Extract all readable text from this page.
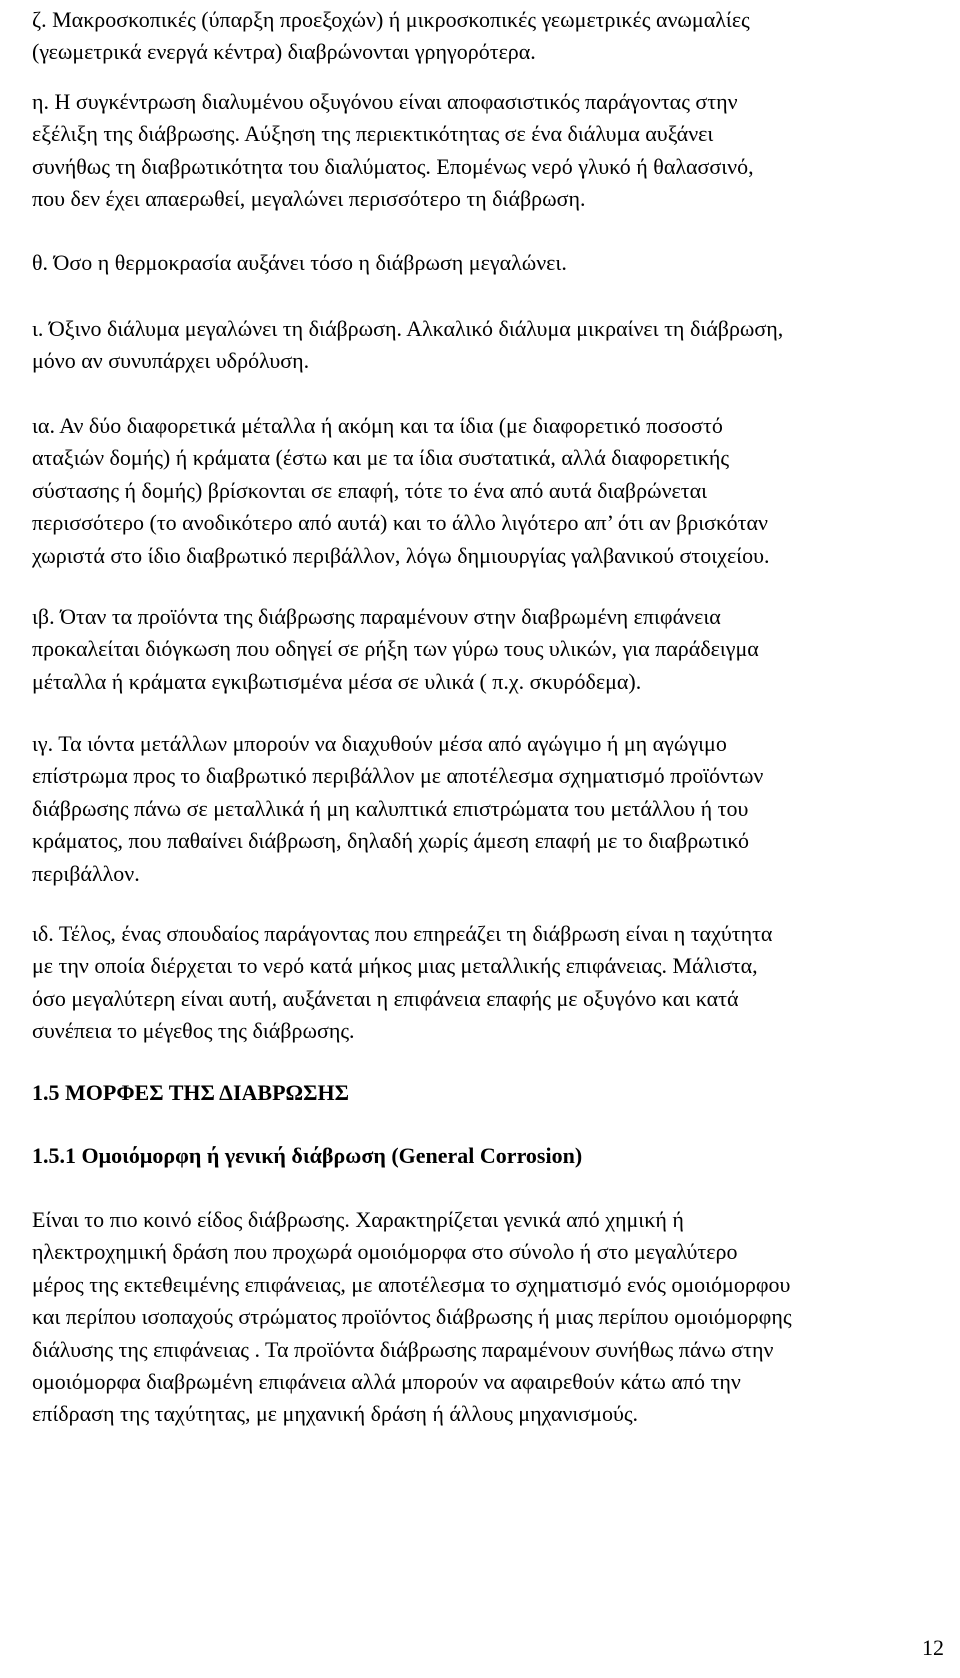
ζ. Μακροσκοπικές (ύπαρξη προεξοχών) ή μικροσκοπικές γεωμετρικές ανωμαλίες
(γεωμετρικά ενεργά κέντρα) διαβρώνονται γρηγορότερα.
η. Η συγκέντρωση διαλυμένου οξυγόνου είναι αποφασιστικός παράγοντας στην
εξέλιξη της διάβρωσης. Αύξηση της περιεκτικότητας σε ένα διάλυμα αυξάνει
συνήθως τη διαβρωτικότητα του διαλύματος. Επομένως νερό γλυκό ή θαλασσινό,
που δεν έχει απαερωθεί, μεγαλώνει περισσότερο τη διάβρωση.
θ. Όσο η θερμοκρασία αυξάνει τόσο η διάβρωση μεγαλώνει.
ι. Όξινο διάλυμα μεγαλώνει τη διάβρωση. Αλκαλικό διάλυμα μικραίνει τη διάβρωση,
μόνο αν συνυπάρχει υδρόλυση.
ια. Αν δύο διαφορετικά μέταλλα ή ακόμη και τα ίδια (με διαφορετικό ποσοστό
αταξιών δομής) ή κράματα (έστω και με τα ίδια συστατικά, αλλά διαφορετικής
σύστασης ή δομής) βρίσκονται σε επαφή, τότε το ένα από αυτά διαβρώνεται
περισσότερο (το ανοδικότερο από αυτά) και το άλλο λιγότερο απ’ ότι αν βρισκόταν
χωριστά στο ίδιο διαβρωτικό περιβάλλον, λόγω δημιουργίας γαλβανικού στοιχείου.
ιβ. Όταν τα προϊόντα της διάβρωσης παραμένουν στην διαβρωμένη επιφάνεια
προκαλείται διόγκωση που οδηγεί σε ρήξη των γύρω τους υλικών, για παράδειγμα
μέταλλα ή κράματα εγκιβωτισμένα μέσα σε υλικά ( π.χ. σκυρόδεμα).
ιγ. Τα ιόντα μετάλλων μπορούν να διαχυθούν μέσα από αγώγιμο ή μη αγώγιμο
επίστρωμα προς το διαβρωτικό περιβάλλον με αποτέλεσμα σχηματισμό προϊόντων
διάβρωσης πάνω σε μεταλλικά ή μη καλυπτικά επιστρώματα του μετάλλου ή του
κράματος, που παθαίνει διάβρωση, δηλαδή χωρίς άμεση επαφή με το διαβρωτικό
περιβάλλον.
ιδ. Τέλος, ένας σπουδαίος παράγοντας που επηρεάζει τη διάβρωση είναι η ταχύτητα
με την οποία διέρχεται το νερό κατά μήκος μιας μεταλλικής επιφάνειας. Μάλιστα,
όσο μεγαλύτερη είναι αυτή, αυξάνεται η επιφάνεια επαφής με οξυγόνο και κατά
συνέπεια το μέγεθος της διάβρωσης.
1.5 ΜΟΡΦΕΣ ΤΗΣ ΔΙΑΒΡΩΣΗΣ
1.5.1 Ομοιόμορφη ή γενική διάβρωση (General Corrosion)
Είναι το πιο κοινό είδος διάβρωσης. Χαρακτηρίζεται γενικά από χημική ή
ηλεκτροχημική δράση που προχωρά ομοιόμορφα στο σύνολο ή στο μεγαλύτερο
μέρος της εκτεθειμένης επιφάνειας, με αποτέλεσμα το σχηματισμό ενός ομοιόμορφου
και περίπου ισοπαχούς στρώματος προϊόντος διάβρωσης ή μιας περίπου ομοιόμορφης
διάλυσης της επιφάνειας . Τα προϊόντα διάβρωσης παραμένουν συνήθως πάνω στην
ομοιόμορφα διαβρωμένη επιφάνεια αλλά μπορούν να αφαιρεθούν κάτω από την
επίδραση της ταχύτητας, με μηχανική δράση ή άλλους μηχανισμούς.
12
